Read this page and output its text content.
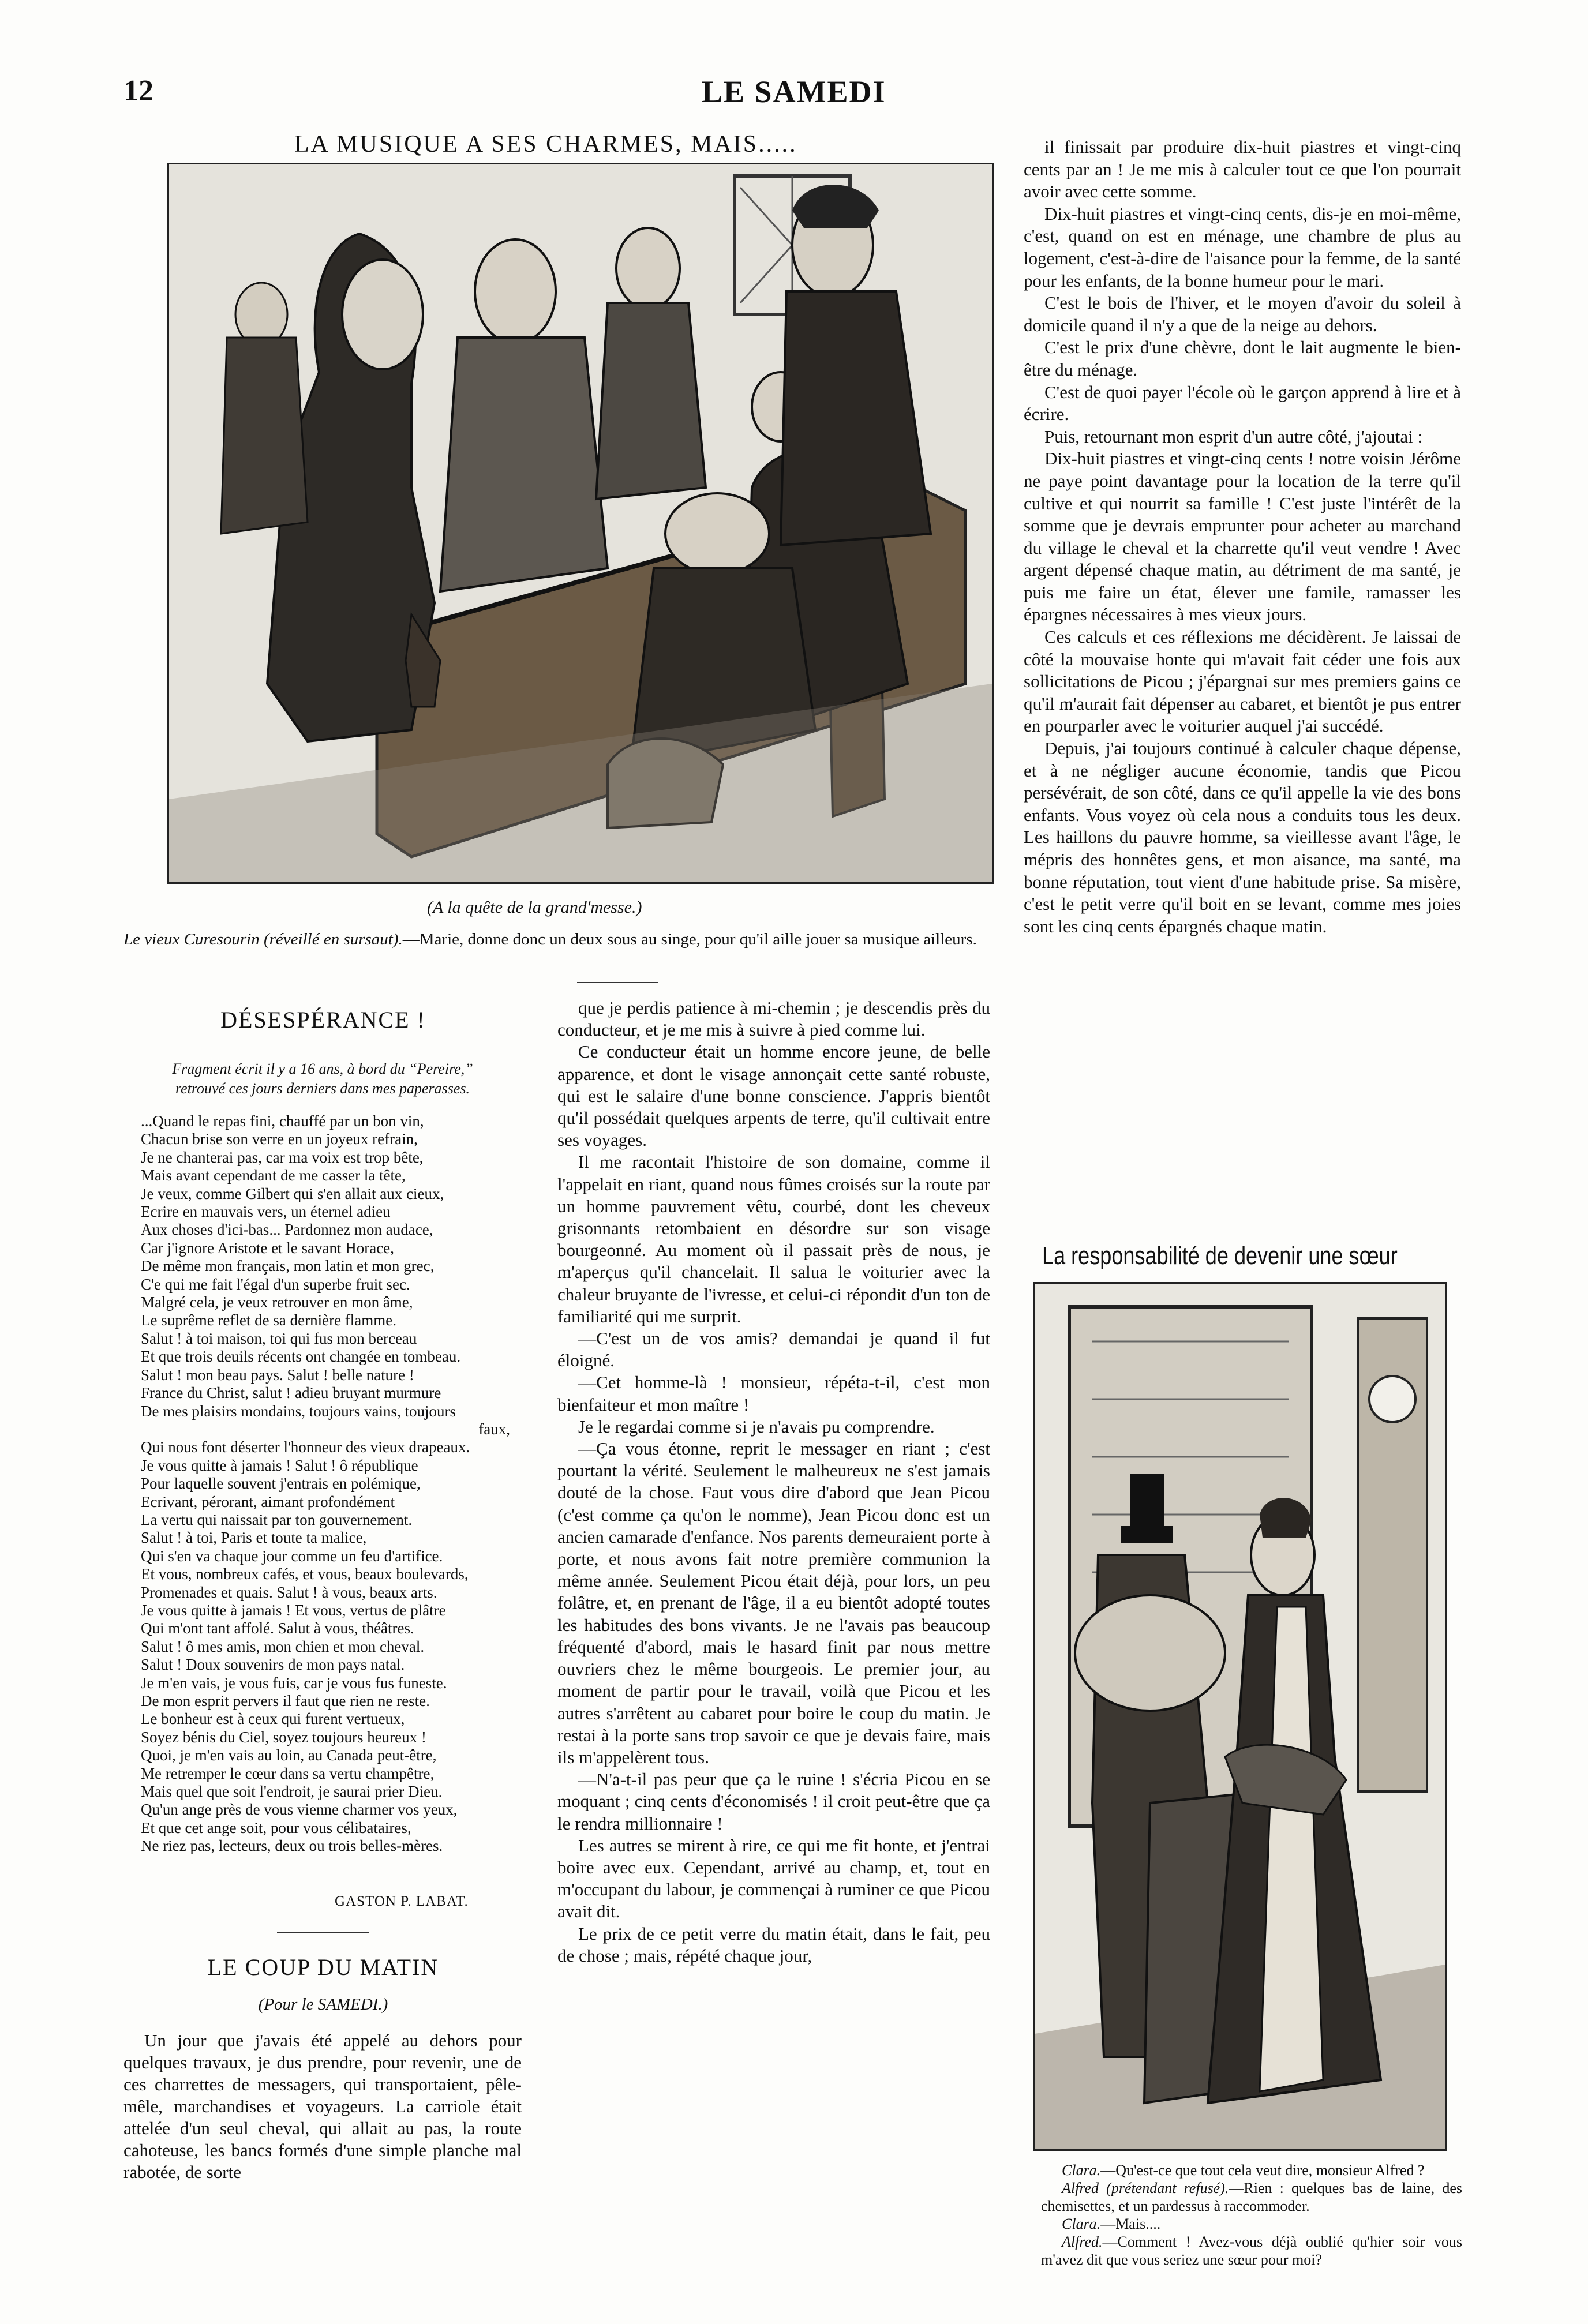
12	LE SAMEDI
LA MUSIQUE A SES CHARMES, MAIS.....
(A la quête de la grand'messe.)
Le vieux Curesourin (réveillé en sursaut).—Marie, donne donc un deux sous au singe, pour qu'il aille jouer sa musique ailleurs.
DÉSESPÉRANCE !
Fragment écrit il y a 16 ans, à bord du “Pereire,”
retrouvé ces jours derniers dans mes paperasses.
...Quand le repas fini, chauffé par un bon vin,
Chacun brise son verre en un joyeux refrain,
Je ne chanterai pas, car ma voix est trop bête,
Mais avant cependant de me casser la tête,
Je veux, comme Gilbert qui s'en allait aux cieux,
Ecrire en mauvais vers, un éternel adieu
Aux choses d'ici-bas... Pardonnez mon audace,
Car j'ignore Aristote et le savant Horace,
De même mon français, mon latin et mon grec,
C'e qui me fait l'égal d'un superbe fruit sec.
Malgré cela, je veux retrouver en mon âme,
Le suprême reflet de sa dernière flamme.
Salut ! à toi maison, toi qui fus mon berceau
Et que trois deuils récents ont changée en tombeau.
Salut ! mon beau pays. Salut ! belle nature !
France du Christ, salut ! adieu bruyant murmure
De mes plaisirs mondains, toujours vains, toujours
faux,
Qui nous font déserter l'honneur des vieux drapeaux.
Je vous quitte à jamais ! Salut ! ô république
Pour laquelle souvent j'entrais en polémique,
Ecrivant, pérorant, aimant profondément
La vertu qui naissait par ton gouvernement.
Salut ! à toi, Paris et toute ta malice,
Qui s'en va chaque jour comme un feu d'artifice.
Et vous, nombreux cafés, et vous, beaux boulevards,
Promenades et quais. Salut ! à vous, beaux arts.
Je vous quitte à jamais ! Et vous, vertus de plâtre
Qui m'ont tant affolé. Salut à vous, théâtres.
Salut ! ô mes amis, mon chien et mon cheval.
Salut ! Doux souvenirs de mon pays natal.
Je m'en vais, je vous fuis, car je vous fus funeste.
De mon esprit pervers il faut que rien ne reste.
Le bonheur est à ceux qui furent vertueux,
Soyez bénis du Ciel, soyez toujours heureux !
Quoi, je m'en vais au loin, au Canada peut-être,
Me retremper le cœur dans sa vertu champêtre,
Mais quel que soit l'endroit, je saurai prier Dieu.
Qu'un ange près de vous vienne charmer vos yeux,
Et que cet ange soit, pour vous célibataires,
Ne riez pas, lecteurs, deux ou trois belles-mères.
GASTON P. LABAT.
LE COUP DU MATIN
(Pour le SAMEDI.)

Un jour que j'avais été appelé au dehors pour quelques travaux, je dus prendre, pour revenir, une de ces charrettes de messagers, qui transportaient, pêle-mêle, marchandises et voyageurs. La carriole était attelée d'un seul cheval, qui allait au pas, la route cahoteuse, les bancs formés d'une simple planche mal rabotée, de sorte

que je perdis patience à mi-chemin ; je descendis près du conducteur, et je me mis à suivre à pied comme lui.

Ce conducteur était un homme encore jeune, de belle apparence, et dont le visage annonçait cette santé robuste, qui est le salaire d'une bonne conscience. J'appris bientôt qu'il possédait quelques arpents de terre, qu'il cultivait entre ses voyages.

Il me racontait l'histoire de son domaine, comme il l'appelait en riant, quand nous fûmes croisés sur la route par un homme pauvrement vêtu, courbé, dont les cheveux grisonnants retombaient en désordre sur son visage bourgeonné. Au moment où il passait près de nous, je m'aperçus qu'il chancelait. Il salua le voiturier avec la chaleur bruyante de l'ivresse, et celui-ci répondit d'un ton de familiarité qui me surprit.

—C'est un de vos amis? demandai je quand il fut éloigné.

—Cet homme-là ! monsieur, répéta-t-il, c'est mon bienfaiteur et mon maître !

Je le regardai comme si je n'avais pu comprendre.

—Ça vous étonne, reprit le messager en riant ; c'est pourtant la vérité. Seulement le malheureux ne s'est jamais douté de la chose. Faut vous dire d'abord que Jean Picou (c'est comme ça qu'on le nomme), Jean Picou donc est un ancien camarade d'enfance. Nos parents demeuraient porte à porte, et nous avons fait notre première communion la même année. Seulement Picou était déjà, pour lors, un peu folâtre, et, en prenant de l'âge, il a eu bientôt adopté toutes les habitudes des bons vivants. Je ne l'avais pas beaucoup fréquenté d'abord, mais le hasard finit par nous mettre ouvriers chez le même bourgeois. Le premier jour, au moment de partir pour le travail, voilà que Picou et les autres s'arrêtent au cabaret pour boire le coup du matin. Je restai à la porte sans trop savoir ce que je devais faire, mais ils m'appelèrent tous.

—N'a-t-il pas peur que ça le ruine ! s'écria Picou en se moquant ; cinq cents d'économisés ! il croit peut-être que ça le rendra millionnaire !

Les autres se mirent à rire, ce qui me fit honte, et j'entrai boire avec eux. Cependant, arrivé au champ, et, tout en m'occupant du labour, je commençai à ruminer ce que Picou avait dit.

Le prix de ce petit verre du matin était, dans le fait, peu de chose ; mais, répété chaque jour,

il finissait par produire dix-huit piastres et vingt-cinq cents par an ! Je me mis à calculer tout ce que l'on pourrait avoir avec cette somme.

Dix-huit piastres et vingt-cinq cents, dis-je en moi-même, c'est, quand on est en ménage, une chambre de plus au logement, c'est-à-dire de l'aisance pour la femme, de la santé pour les enfants, de la bonne humeur pour le mari.

C'est le bois de l'hiver, et le moyen d'avoir du soleil à domicile quand il n'y a que de la neige au dehors.

C'est le prix d'une chèvre, dont le lait augmente le bien-être du ménage.

C'est de quoi payer l'école où le garçon apprend à lire et à écrire.

Puis, retournant mon esprit d'un autre côté, j'ajoutai :

Dix-huit piastres et vingt-cinq cents ! notre voisin Jérôme ne paye point davantage pour la location de la terre qu'il cultive et qui nourrit sa famille ! C'est juste l'intérêt de la somme que je devrais emprunter pour acheter au marchand du village le cheval et la charrette qu'il veut vendre ! Avec argent dépensé chaque matin, au détriment de ma santé, je puis me faire un état, élever une famile, ramasser les épargnes nécessaires à mes vieux jours.

Ces calculs et ces réflexions me décidèrent. Je laissai de côté la mouvaise honte qui m'avait fait céder une fois aux sollicitations de Picou ; j'épargnai sur mes premiers gains ce qu'il m'aurait fait dépenser au cabaret, et bientôt je pus entrer en pourparler avec le voiturier auquel j'ai succédé.

Depuis, j'ai toujours continué à calculer chaque dépense, et à ne négliger aucune économie, tandis que Picou persévérait, de son côté, dans ce qu'il appelle la vie des bons enfants. Vous voyez où cela nous a conduits tous les deux. Les haillons du pauvre homme, sa vieillesse avant l'âge, le mépris des honnêtes gens, et mon aisance, ma santé, ma bonne réputation, tout vient d'une habitude prise. Sa misère, c'est le petit verre qu'il boit en se levant, comme mes joies sont les cinq cents épargnés chaque matin.

La responsabilité de devenir une sœur

Clara.—Qu'est-ce que tout cela veut dire, monsieur Alfred ?

Alfred (prétendant refusé).—Rien : quelques bas de laine, des chemisettes, et un pardessus à raccommoder.

Clara.—Mais....

Alfred.—Comment ! Avez-vous déjà oublié qu'hier soir vous m'avez dit que vous seriez une sœur pour moi?
